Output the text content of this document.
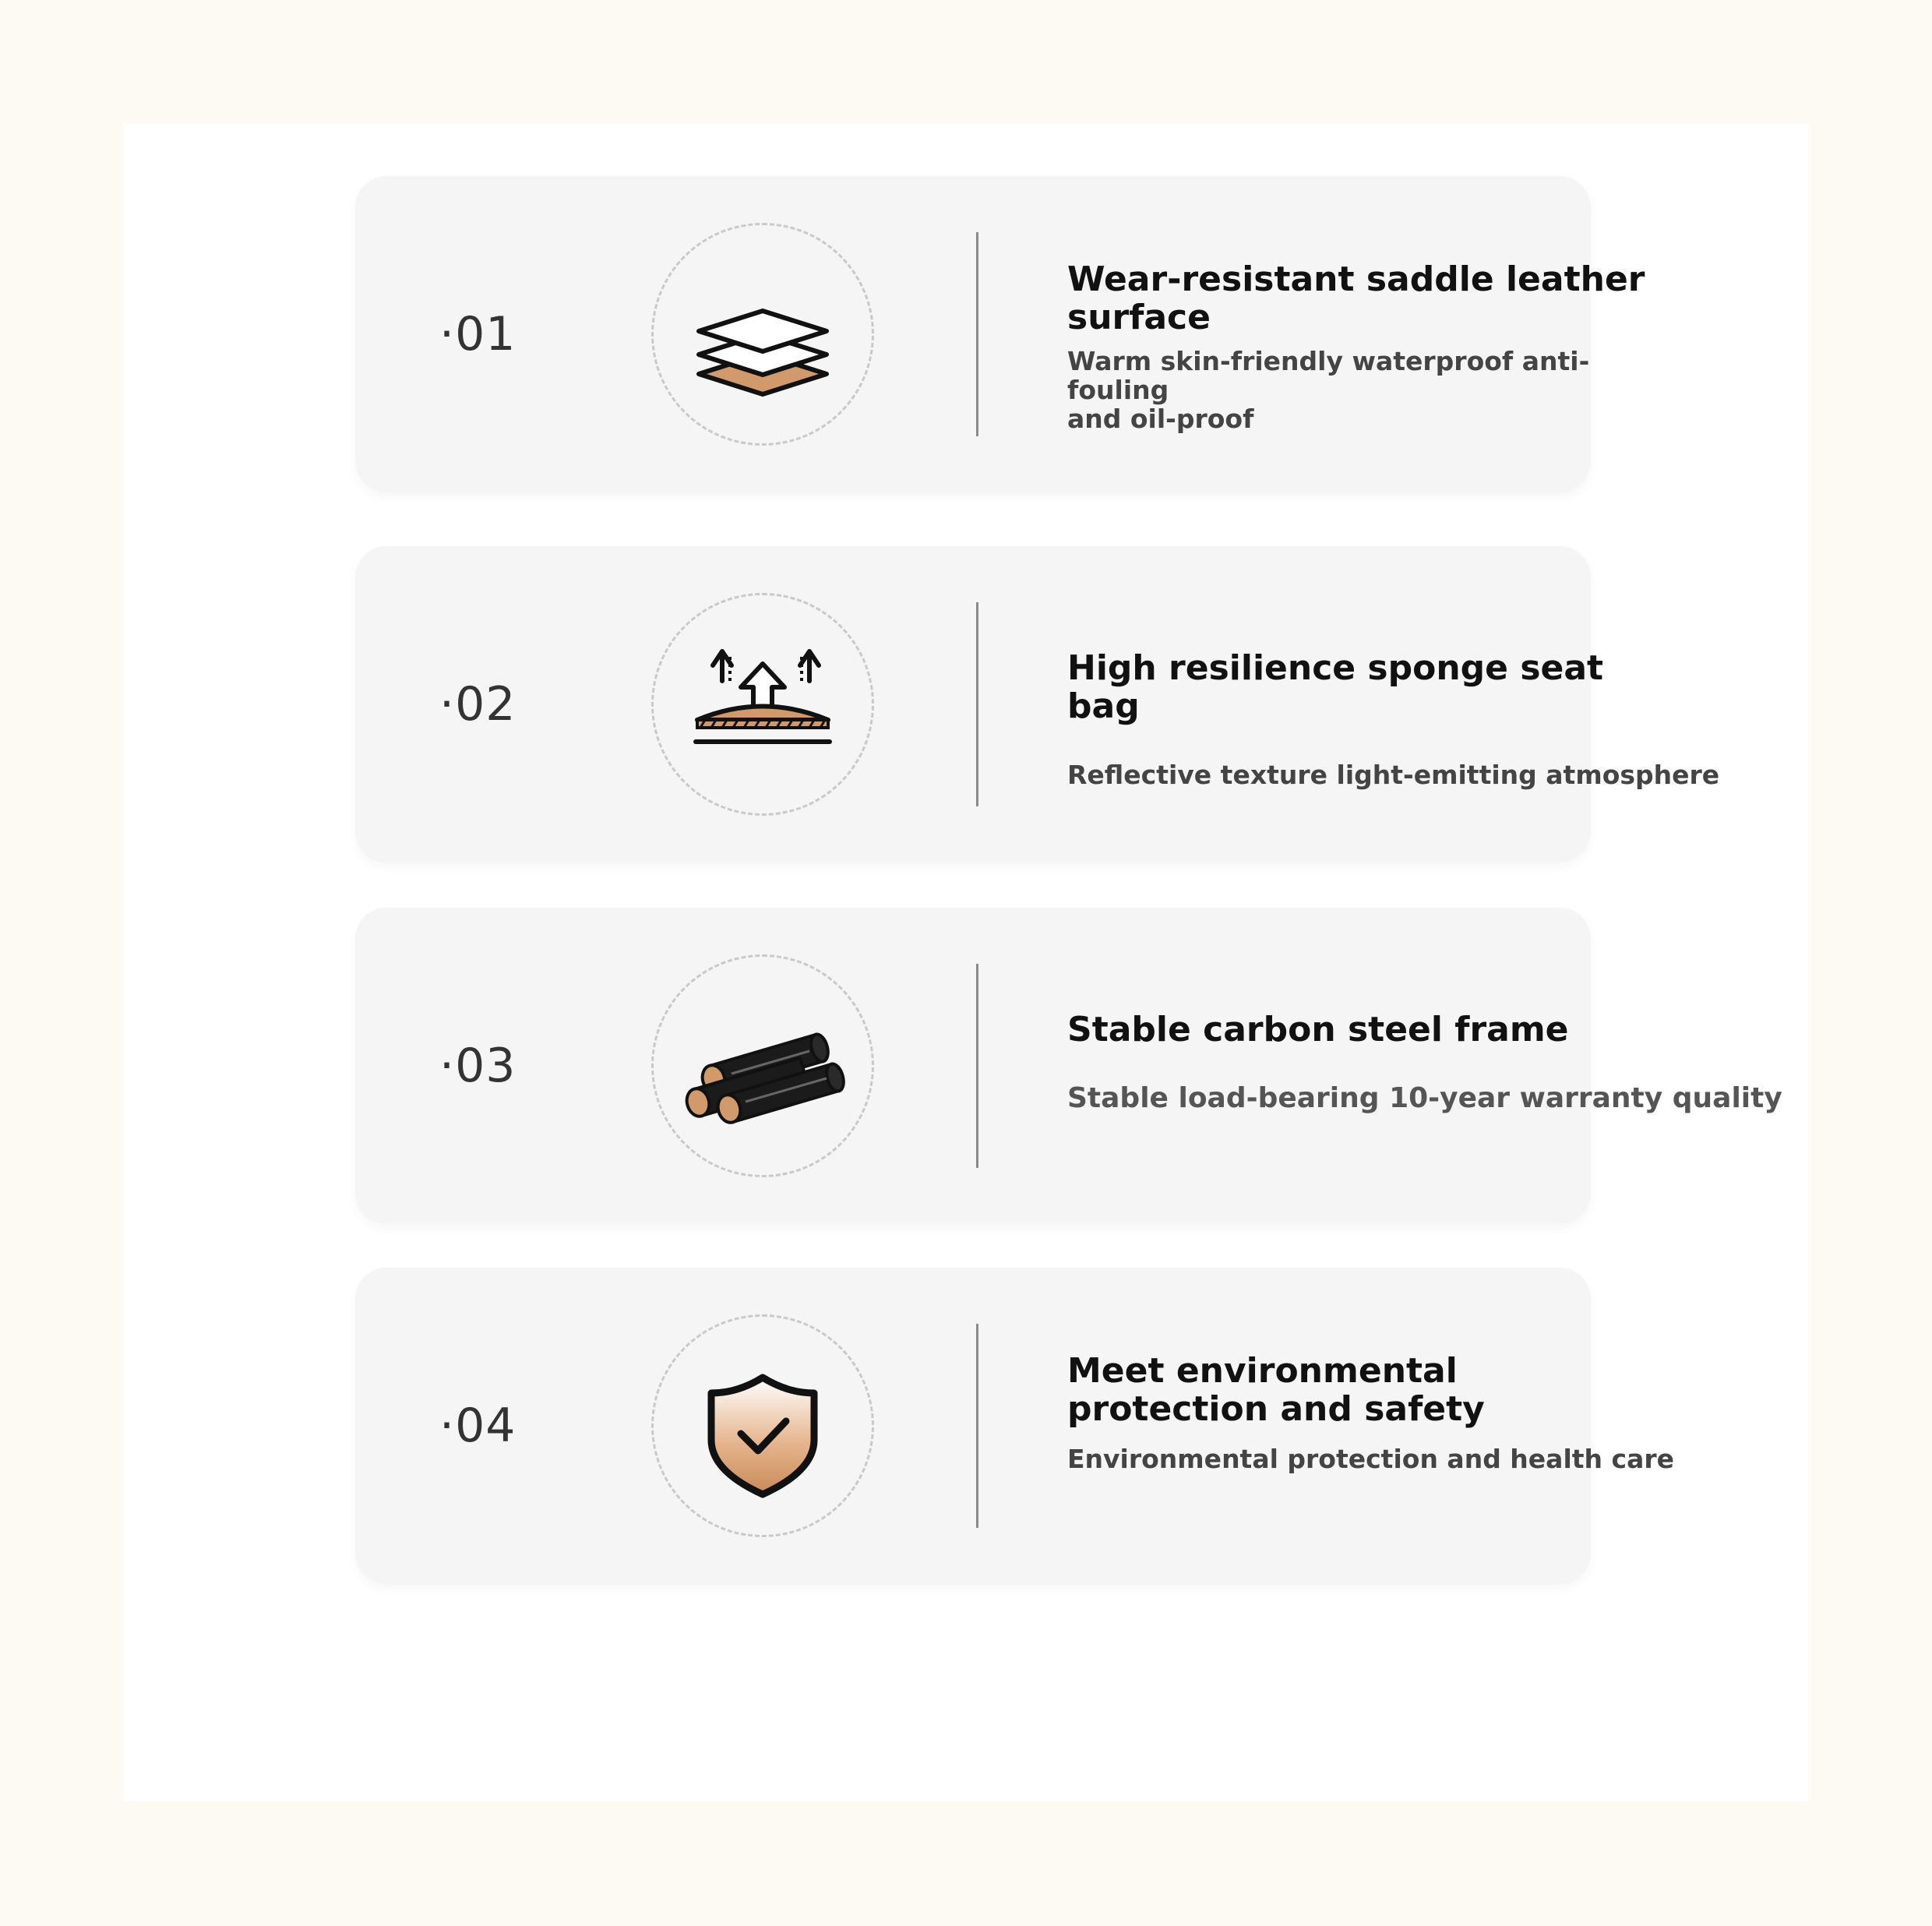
·01
Wear-resistant saddle leather
surface
Warm skin-friendly waterproof anti-fouling
and oil-proof
·02
High resilience sponge seat bag
Reflective texture light-emitting atmosphere
·03
Stable carbon steel frame
Stable load-bearing 10-year warranty quality
·04
Meet environmental
protection and safety
Environmental protection and health care
